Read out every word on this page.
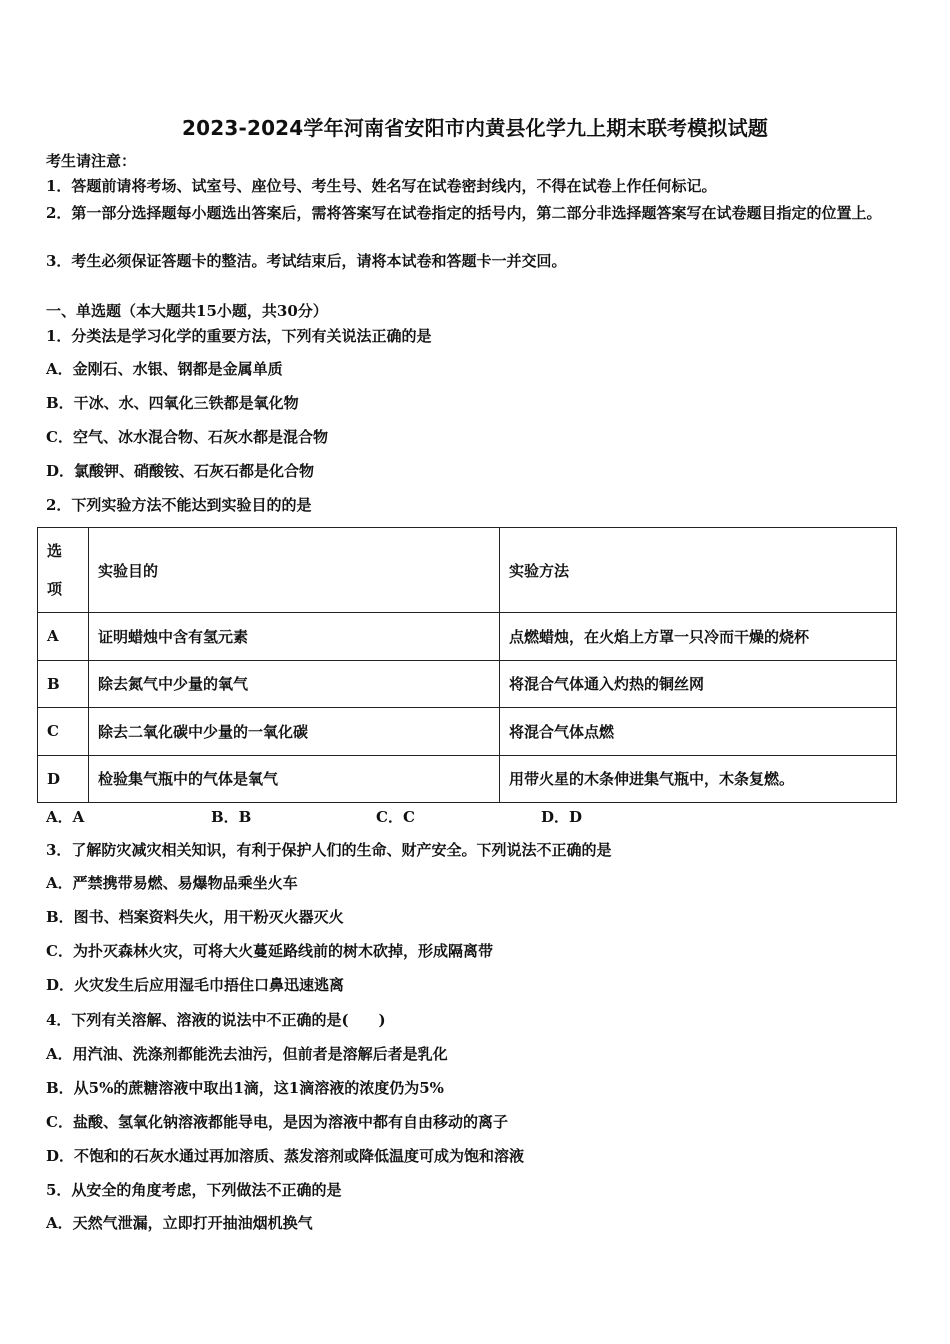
2023-2024学年河南省安阳市内黄县化学九上期末联考模拟试题
考生请注意：
1．答题前请将考场、试室号、座位号、考生号、姓名写在试卷密封线内，不得在试卷上作任何标记。
2．第一部分选择题每小题选出答案后，需将答案写在试卷指定的括号内，第二部分非选择题答案写在试卷题目指定的位置上。
3．考生必须保证答题卡的整洁。考试结束后，请将本试卷和答题卡一并交回。
一、单选题（本大题共15小题，共30分）
1．分类法是学习化学的重要方法，下列有关说法正确的是
A．金刚石、水银、钢都是金属单质
B．干冰、水、四氧化三铁都是氧化物
C．空气、冰水混合物、石灰水都是混合物
D．氯酸钾、硝酸铵、石灰石都是化合物
2．下列实验方法不能达到实验目的的是
选
项	实验目的	实验方法
A	证明蜡烛中含有氢元素	点燃蜡烛，在火焰上方罩一只冷而干燥的烧杯
B	除去氮气中少量的氧气	将混合气体通入灼热的铜丝网
C	除去二氧化碳中少量的一氧化碳	将混合气体点燃
D	检验集气瓶中的气体是氧气	用带火星的木条伸进集气瓶中，木条复燃。
A．A	B．B	C．C	D．D
3．了解防灾减灾相关知识，有利于保护人们的生命、财产安全。下列说法不正确的是
A．严禁携带易燃、易爆物品乘坐火车
B．图书、档案资料失火，用干粉灭火器灭火
C．为扑灭森林火灾，可将大火蔓延路线前的树木砍掉，形成隔离带
D．火灾发生后应用湿毛巾捂住口鼻迅速逃离
4．下列有关溶解、溶液的说法中不正确的是(　　)
A．用汽油、洗涤剂都能洗去油污，但前者是溶解后者是乳化
B．从5%的蔗糖溶液中取出1滴，这1滴溶液的浓度仍为5%
C．盐酸、氢氧化钠溶液都能导电，是因为溶液中都有自由移动的离子
D．不饱和的石灰水通过再加溶质、蒸发溶剂或降低温度可成为饱和溶液
5．从安全的角度考虑，下列做法不正确的是
A．天然气泄漏，立即打开抽油烟机换气
